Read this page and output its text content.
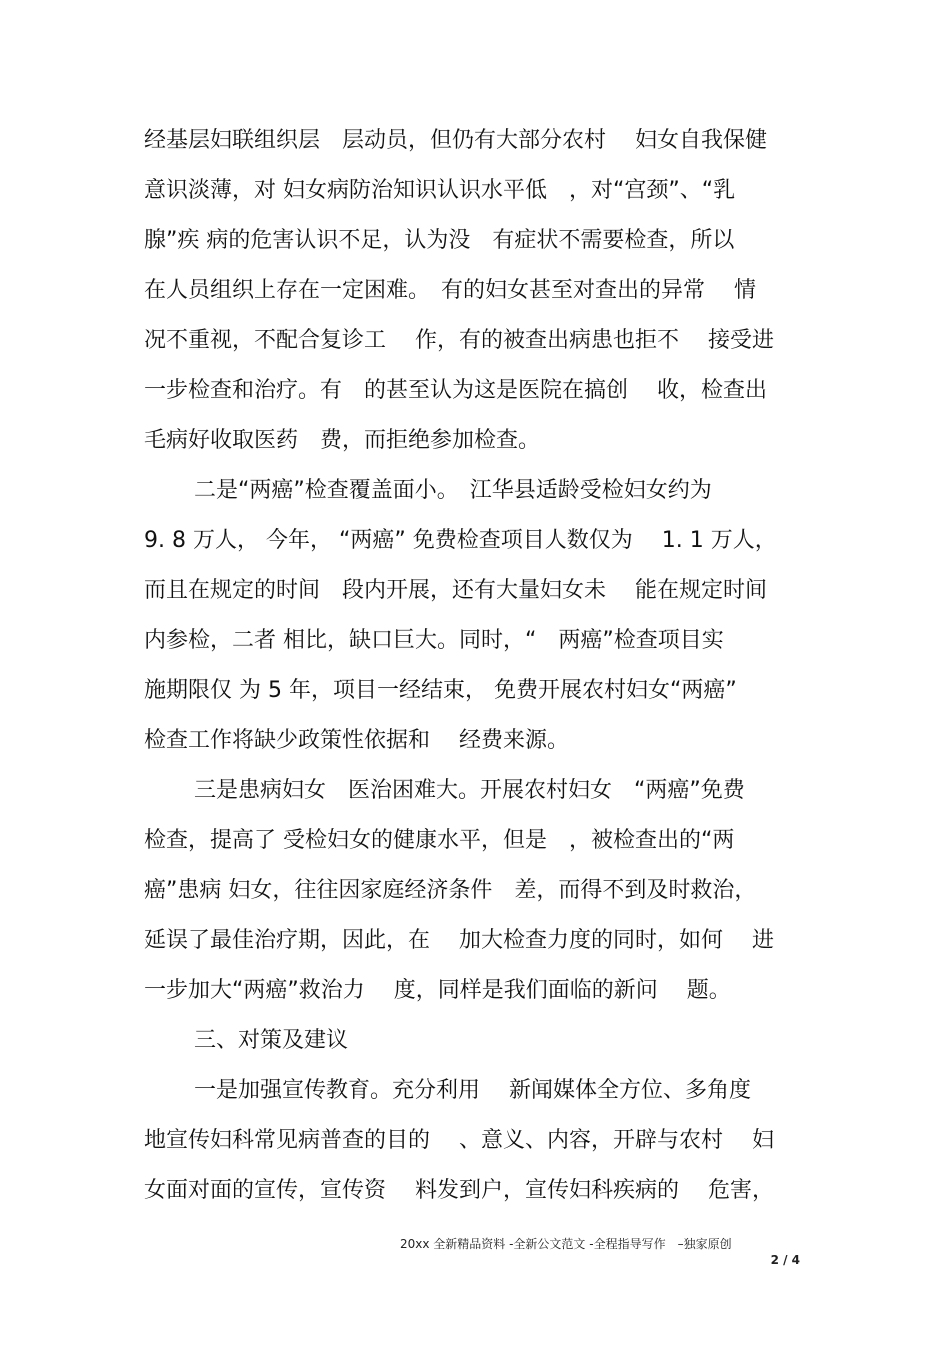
经基层妇联组织层　层动员，但仍有大部分农村　 妇女自我保健
意识淡薄，对 妇女病防治知识认识水平低　，对“宫颈”、“乳
腺”疾 病的危害认识不足，认为没　有症状不需要检查，所以
在人员组织上存在一定困难。　有的妇女甚至对查出的异常　 情
况不重视，不配合复诊工　 作，有的被查出病患也拒不　 接受进
一步检查和治疗。有　的甚至认为这是医院在搞创　 收，检查出
毛病好收取医药　费，而拒绝参加检查。
二是“两癌”检查覆盖面小。　江华县适龄受检妇女约为
9. 8 万人， 今年， “两癌” 免费检查项目人数仅为　 1. 1 万人，
而且在规定的时间　段内开展，还有大量妇女未　 能在规定时间
内参检，二者 相比，缺口巨大。同时，“　两癌”检查项目实
施期限仅 为 5 年，项目一经结束， 免费开展农村妇女“两癌”
检查工作将缺少政策性依据和　 经费来源。
三是患病妇女　医治困难大。开展农村妇女　“两癌”免费
检查，提高了 受检妇女的健康水平，但是　，被检查出的“两
癌”患病 妇女，往往因家庭经济条件　差，而得不到及时救治，
延误了最佳治疗期，因此，在　 加大检查力度的同时，如何　 进
一步加大“两癌”救治力　 度，同样是我们面临的新问　 题。
三、对策及建议
一是加强宣传教育。充分利用　 新闻媒体全方位、多角度
地宣传妇科常见病普查的目的　 、意义、内容，开辟与农村　 妇
女面对面的宣传，宣传资　 料发到户，宣传妇科疾病的　 危害，
20xx 全新精品资料 -全新公文范文 -全程指导写作　–独家原创
2 / 4
